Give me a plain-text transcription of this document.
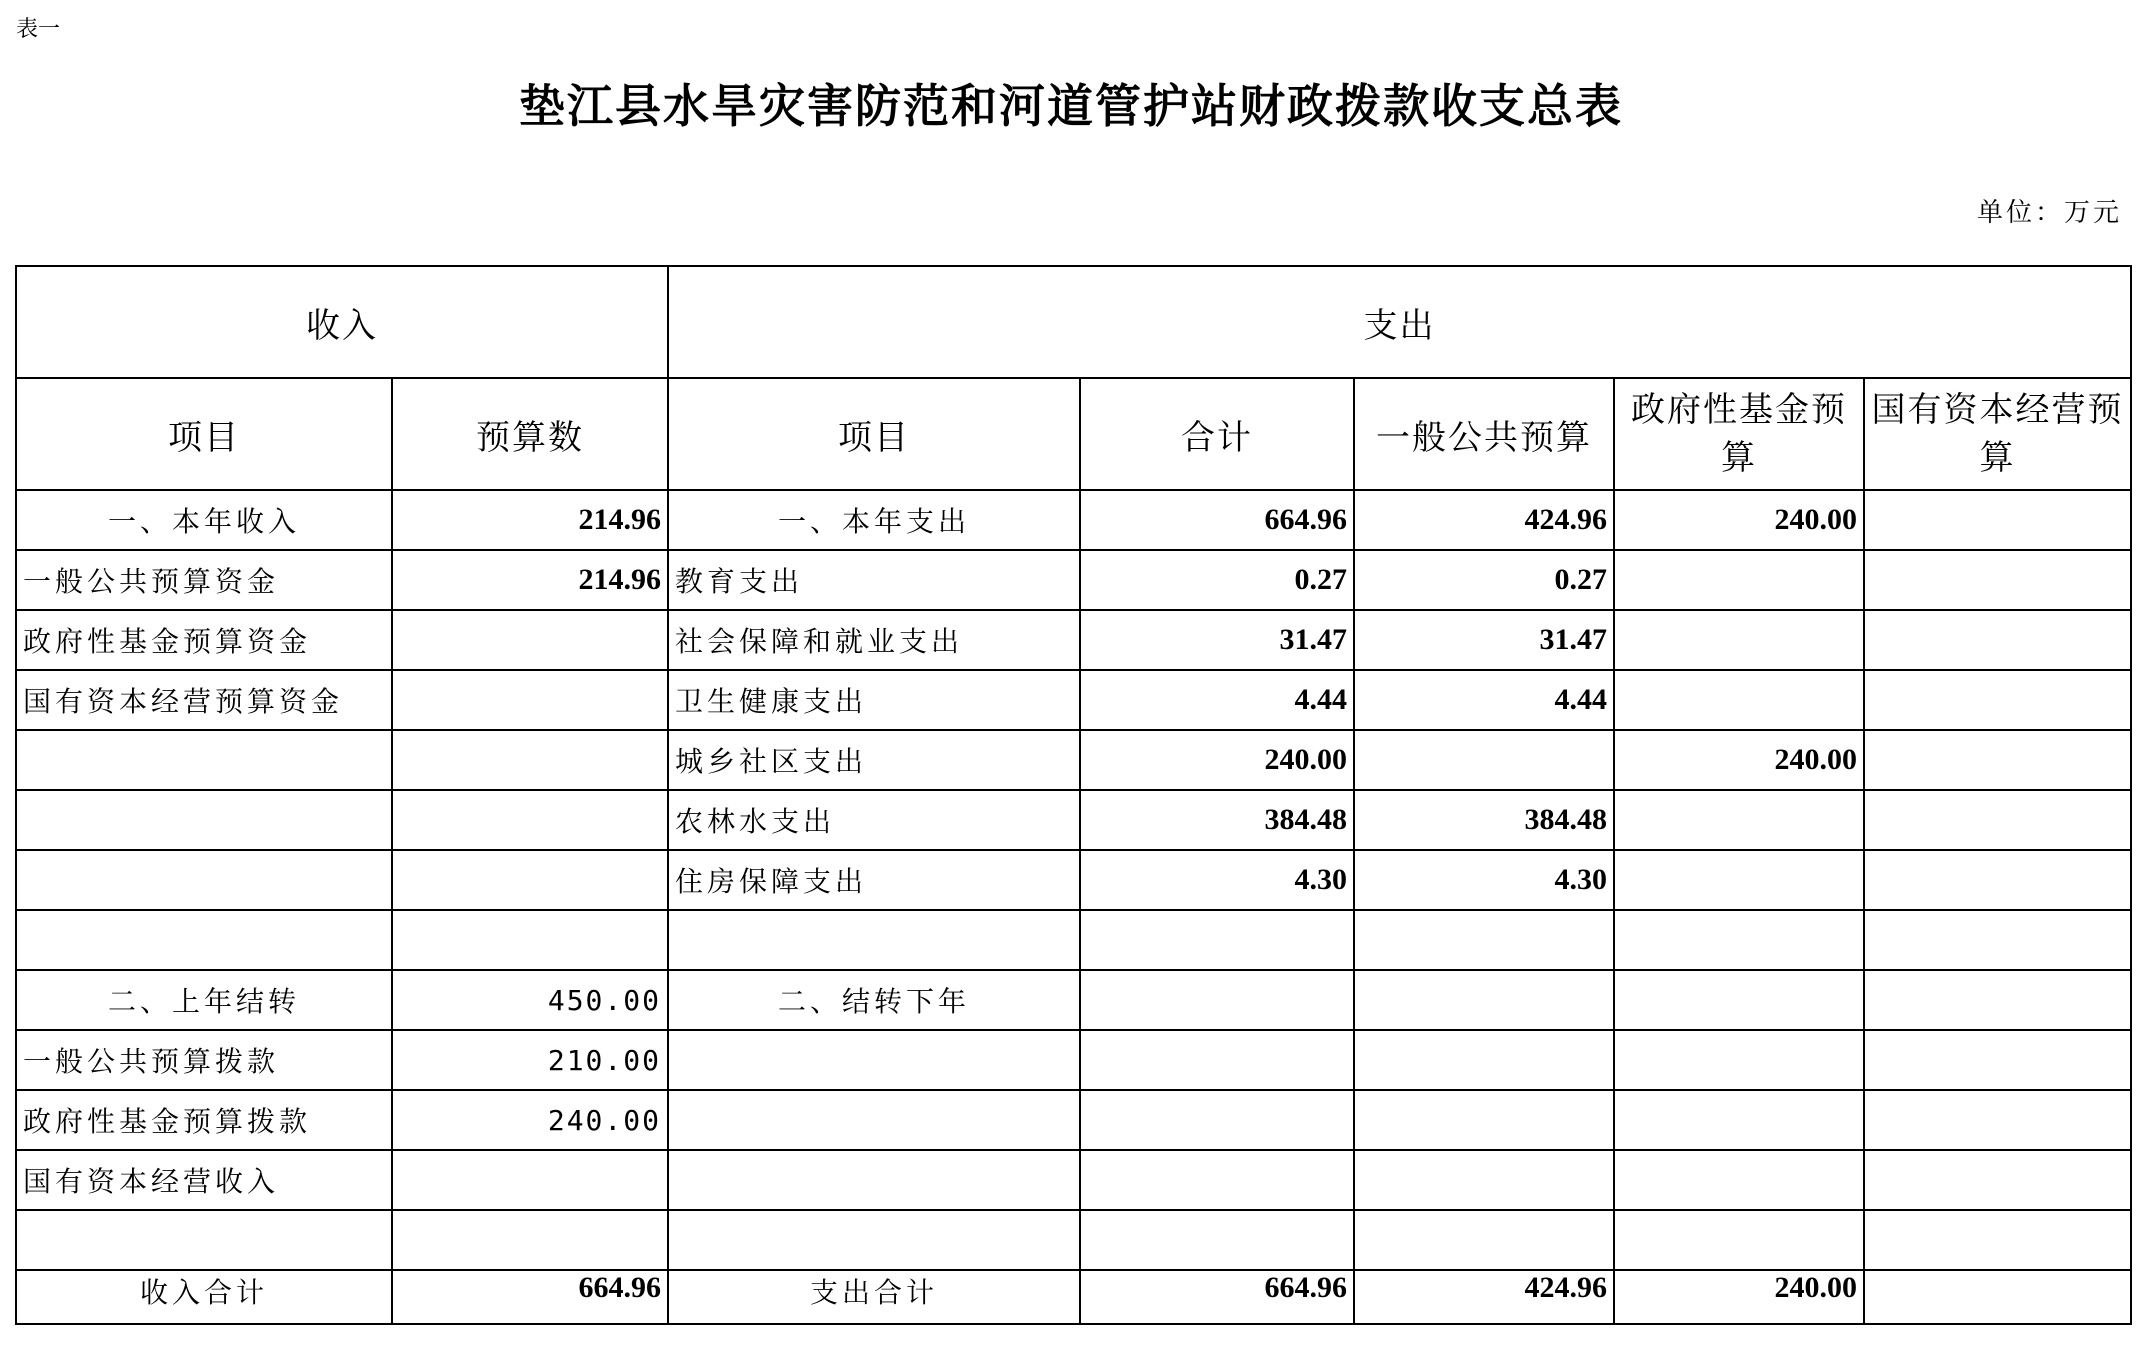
表一
垫江县水旱灾害防范和河道管护站财政拨款收支总表
单位：万元
收入		支出				
项目	预算数	项目	合计	一般公共预算	政府性基金预算	国有资本经营预算
一、本年收入	214.96	一、本年支出	664.96	424.96	240.00	
一般公共预算资金	214.96	教育支出	0.27	0.27		
政府性基金预算资金		社会保障和就业支出	31.47	31.47		
国有资本经营预算资金		卫生健康支出	4.44	4.44		
		城乡社区支出	240.00		240.00	
		农林水支出	384.48	384.48		
		住房保障支出	4.30	4.30		

二、上年结转	450.00	二、结转下年				
一般公共预算拨款	210.00					
政府性基金预算拨款	240.00					
国有资本经营收入						

收入合计	664.96	支出合计	664.96	424.96	240.00	
